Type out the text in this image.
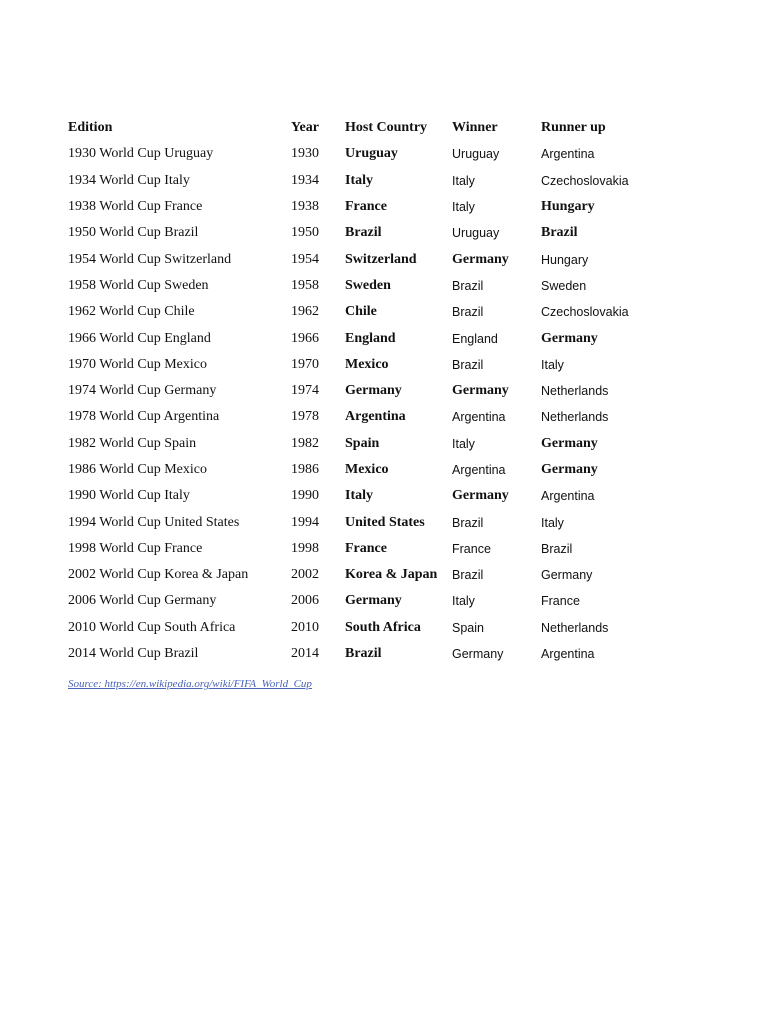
Edition	Year	Host Country	Winner	Runner up
1930 World Cup Uruguay	1930	Uruguay	Uruguay	Argentina
1934 World Cup Italy	1934	Italy	Italy	Czechoslovakia
1938 World Cup France	1938	France	Italy	Hungary
1950 World Cup Brazil	1950	Brazil	Uruguay	Brazil
1954 World Cup Switzerland	1954	Switzerland	Germany	Hungary
1958 World Cup Sweden	1958	Sweden	Brazil	Sweden
1962 World Cup Chile	1962	Chile	Brazil	Czechoslovakia
1966 World Cup England	1966	England	England	Germany
1970 World Cup Mexico	1970	Mexico	Brazil	Italy
1974 World Cup Germany	1974	Germany	Germany	Netherlands
1978 World Cup Argentina	1978	Argentina	Argentina	Netherlands
1982 World Cup Spain	1982	Spain	Italy	Germany
1986 World Cup Mexico	1986	Mexico	Argentina	Germany
1990 World Cup Italy	1990	Italy	Germany	Argentina
1994 World Cup United States	1994	United States	Brazil	Italy
1998 World Cup France	1998	France	France	Brazil
2002 World Cup Korea & Japan	2002	Korea & Japan	Brazil	Germany
2006 World Cup Germany	2006	Germany	Italy	France
2010 World Cup South Africa	2010	South Africa	Spain	Netherlands
2014 World Cup Brazil	2014	Brazil	Germany	Argentina
Source: https://en.wikipedia.org/wiki/FIFA_World_Cup
